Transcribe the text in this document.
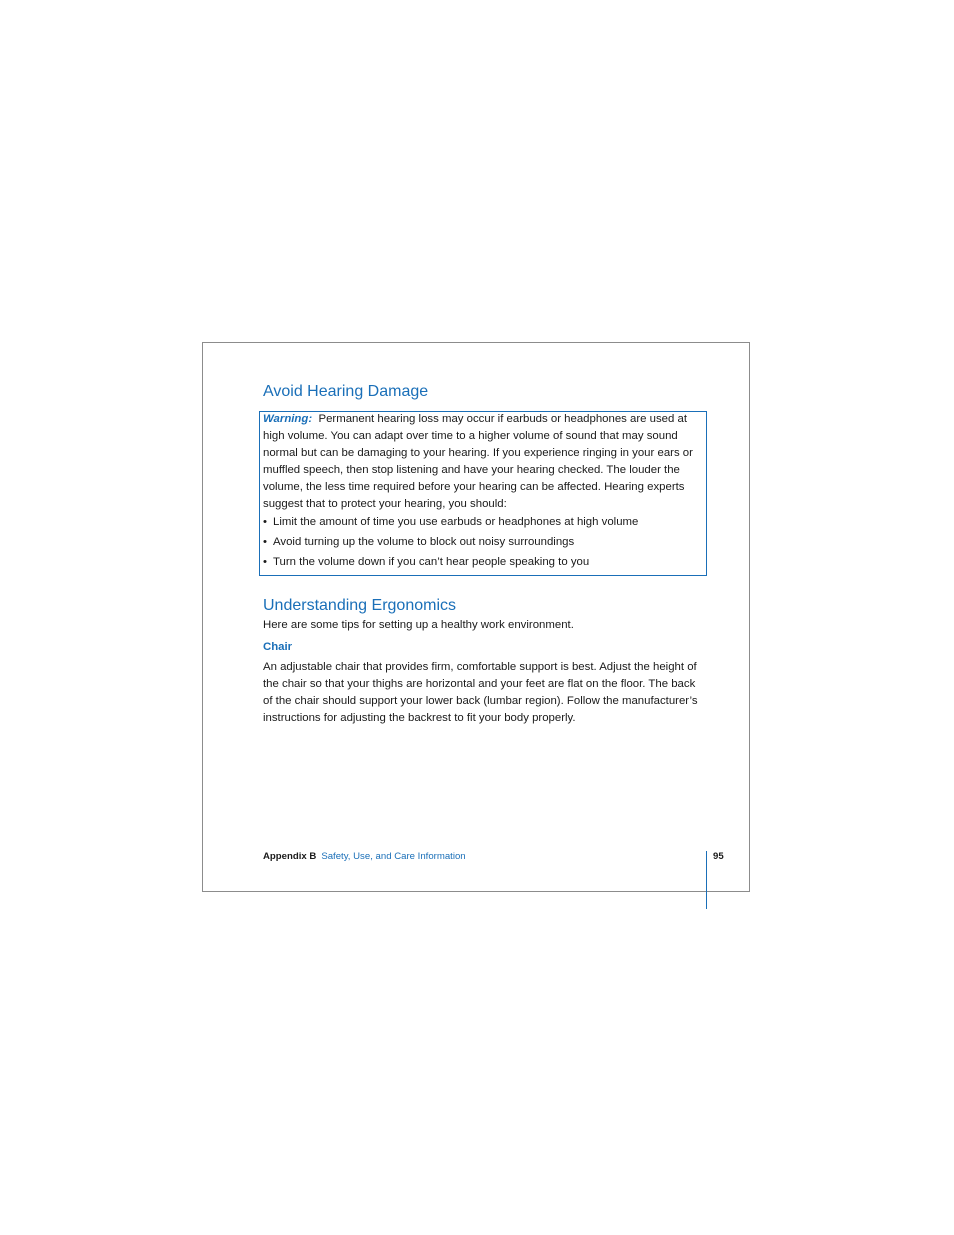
Avoid Hearing Damage

Warning: Permanent hearing loss may occur if earbuds or headphones are used at high volume. You can adapt over time to a higher volume of sound that may sound normal but can be damaging to your hearing. If you experience ringing in your ears or muffled speech, then stop listening and have your hearing checked. The louder the volume, the less time required before your hearing can be affected. Hearing experts suggest that to protect your hearing, you should:

• Limit the amount of time you use earbuds or headphones at high volume
• Avoid turning up the volume to block out noisy surroundings
• Turn the volume down if you can’t hear people speaking to you
Understanding Ergonomics

Here are some tips for setting up a healthy work environment.

Chair

An adjustable chair that provides firm, comfortable support is best. Adjust the height of the chair so that your thighs are horizontal and your feet are flat on the floor. The back of the chair should support your lower back (lumbar region). Follow the manufacturer’s instructions for adjusting the backrest to fit your body properly.

Appendix B Safety, Use, and Care Information	95
